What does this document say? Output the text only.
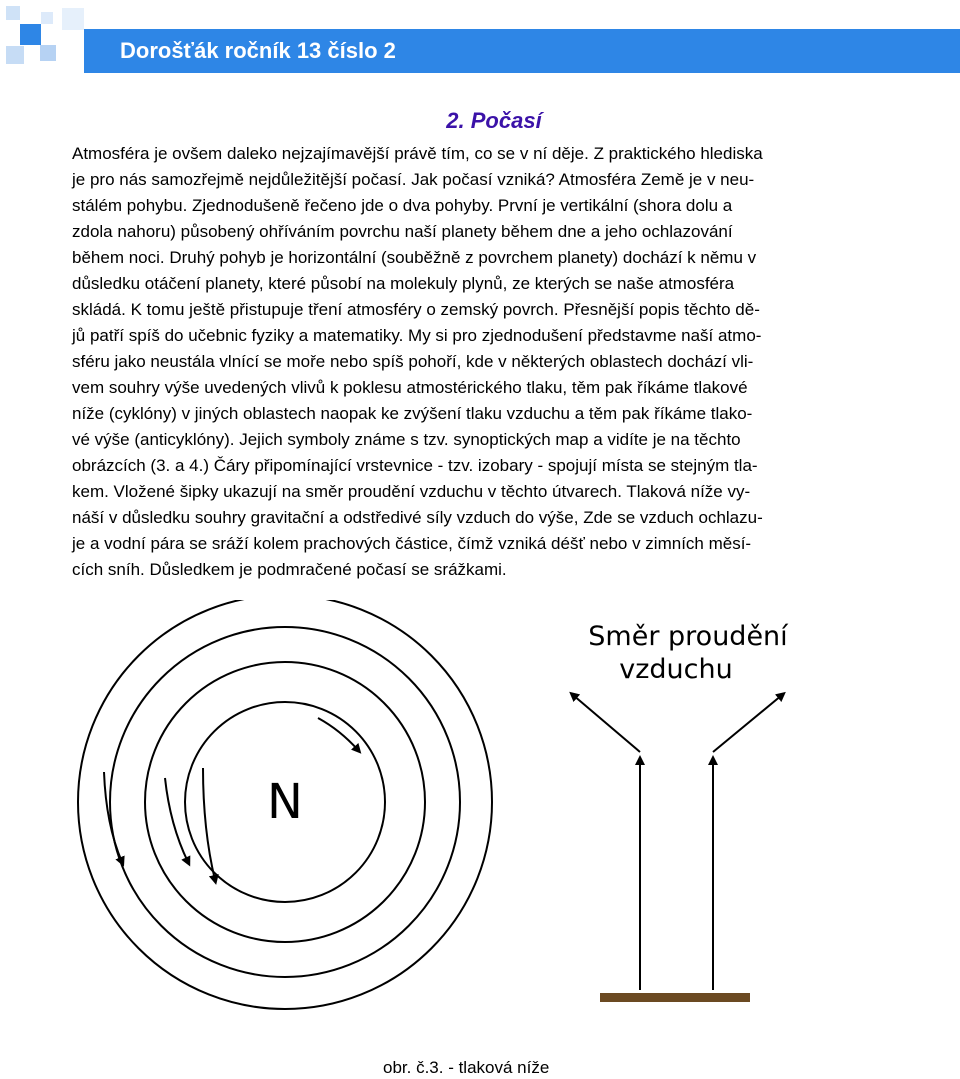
Dorošťák ročník 13 číslo 2
2. Počasí

Atmosféra je ovšem daleko nejzajímavější právě tím, co se v ní děje. Z praktického hlediska
je pro nás samozřejmě nejdůležitější počasí. Jak počasí vzniká? Atmosféra Země je v neu-
stálém pohybu. Zjednodušeně řečeno jde o dva pohyby. První je vertikální (shora dolu a
zdola nahoru) působený ohříváním povrchu naší planety během dne a jeho ochlazování
během noci. Druhý pohyb je horizontální (souběžně z povrchem planety) dochází k němu v
důsledku otáčení planety, které působí na molekuly plynů, ze kterých se naše atmosféra
skládá. K tomu ještě přistupuje tření atmosféry o zemský povrch. Přesnější popis těchto dě-
jů patří spíš do učebnic fyziky a matematiky. My si pro zjednodušení představme naší atmo-
sféru jako neustála vlnící se moře nebo spíš pohoří, kde v některých oblastech dochází vli-
vem souhry výše uvedených vlivů k poklesu atmostérického tlaku, těm pak říkáme tlakové
níže (cyklóny) v jiných oblastech naopak ke zvýšení tlaku vzduchu a těm pak říkáme tlako-
vé výše (anticyklóny). Jejich symboly známe s tzv. synoptických map a vidíte je na těchto
obrázcích (3. a 4.) Čáry připomínající vrstevnice - tzv. izobary - spojují místa se stejným tla-
kem. Vložené šipky ukazují na směr proudění vzduchu v těchto útvarech. Tlaková níže vy-
náší v důsledku souhry gravitační a odstředivé síly vzduch do výše, Zde se vzduch ochlazu-
je a vodní pára se sráží kolem prachových částice, čímž vzniká déšť nebo v zimních měsí-
cích sníh. Důsledkem je podmračené počasí se srážkami.

N
Směr proudění
vzduchu
obr. č.3. - tlaková níže
